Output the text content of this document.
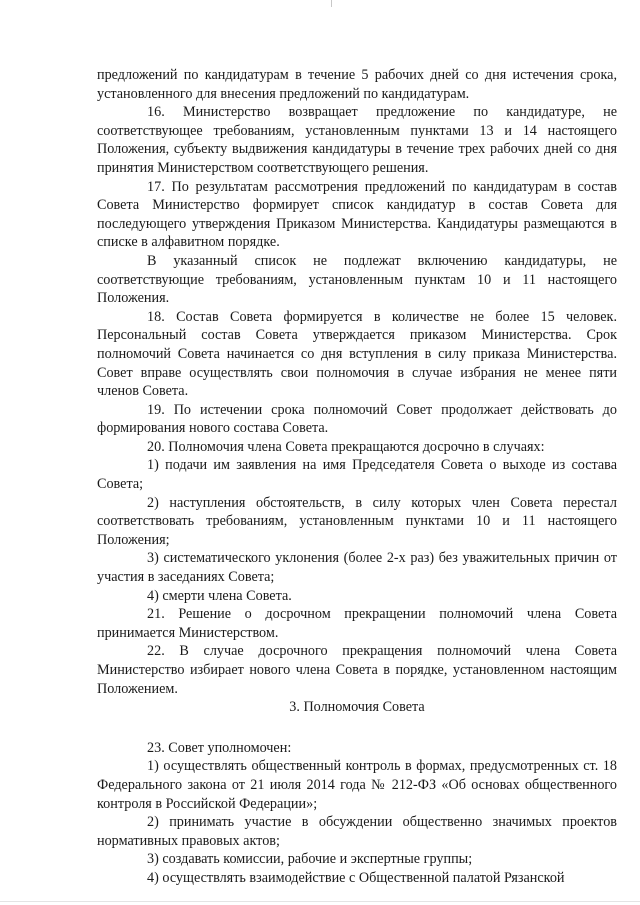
предложений по кандидатурам в течение 5 рабочих дней со дня истечения срока, установленного для внесения предложений по кандидатурам.

16. Министерство возвращает предложение по кандидатуре, не соответствующее требованиям, установленным пунктами 13 и 14 настоящего Положения, субъекту выдвижения кандидатуры в течение трех рабочих дней со дня принятия Министерством соответствующего решения.

17. По результатам рассмотрения предложений по кандидатурам в состав Совета Министерство формирует список кандидатур в состав Совета для последующего утверждения Приказом Министерства. Кандидатуры размещаются в списке в алфавитном порядке.

В указанный список не подлежат включению кандидатуры, не соответствующие требованиям, установленным пунктам 10 и 11 настоящего Положения.

18. Состав Совета формируется в количестве не более 15 человек. Персональный состав Совета утверждается приказом Министерства. Срок полномочий Совета начинается со дня вступления в силу приказа Министерства. Совет вправе осуществлять свои полномочия в случае избрания не менее пяти членов Совета.

19. По истечении срока полномочий Совет продолжает действовать до формирования нового состава Совета.

20. Полномочия члена Совета прекращаются досрочно в случаях:

1) подачи им заявления на имя Председателя Совета о выходе из состава Совета;

2) наступления обстоятельств, в силу которых член Совета перестал соответствовать требованиям, установленным пунктами 10 и 11 настоящего Положения;

3) систематического уклонения (более 2-х раз) без уважительных причин от участия в заседаниях Совета;

4) смерти члена Совета.

21. Решение о досрочном прекращении полномочий члена Совета принимается Министерством.

22. В случае досрочного прекращения полномочий члена Совета Министерство избирает нового члена Совета в порядке, установленном настоящим Положением.

3. Полномочия Совета

23. Совет уполномочен:

1) осуществлять общественный контроль в формах, предусмотренных ст. 18 Федерального закона от 21 июля 2014 года № 212-ФЗ «Об основах общественного контроля в Российской Федерации»;

2) принимать участие в обсуждении общественно значимых проектов нормативных правовых актов;

3) создавать комиссии, рабочие и экспертные группы;

4) осуществлять взаимодействие с Общественной палатой Рязанской
